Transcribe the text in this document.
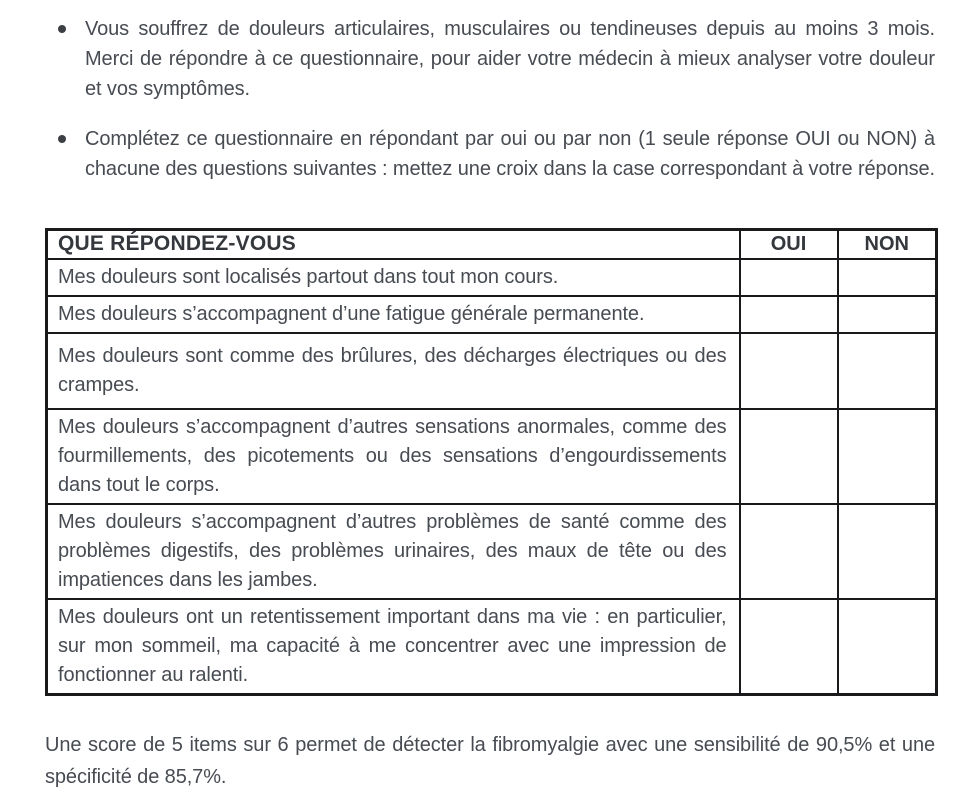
Vous souffrez de douleurs articulaires, musculaires ou tendineuses depuis au moins 3 mois. Merci de répondre à ce questionnaire, pour aider votre médecin à mieux analyser votre douleur et vos symptômes.
Complétez ce questionnaire en répondant par oui ou par non (1 seule réponse OUI ou NON) à chacune des questions suivantes : mettez une croix dans la case correspondant à votre réponse.
QUE RÉPONDEZ-VOUS	OUI	NON
Mes douleurs sont localisés partout dans tout mon cours.		
Mes douleurs s’accompagnent d’une fatigue générale permanente.		
Mes douleurs sont comme des brûlures, des décharges électriques ou des crampes.		
Mes douleurs s’accompagnent d’autres sensations anormales, comme des fourmillements, des picotements ou des sensations d’engourdissements dans tout le corps.		
Mes douleurs s’accompagnent d’autres problèmes de santé comme des problèmes digestifs, des problèmes urinaires, des maux de tête ou des impatiences dans les jambes.		
Mes douleurs ont un retentissement important dans ma vie : en particulier, sur mon sommeil, ma capacité à me concentrer avec une impression de fonctionner au ralenti.		

Une score de 5 items sur 6 permet de détecter la fibromyalgie avec une sensibilité de 90,5% et une spécificité de 85,7%.
